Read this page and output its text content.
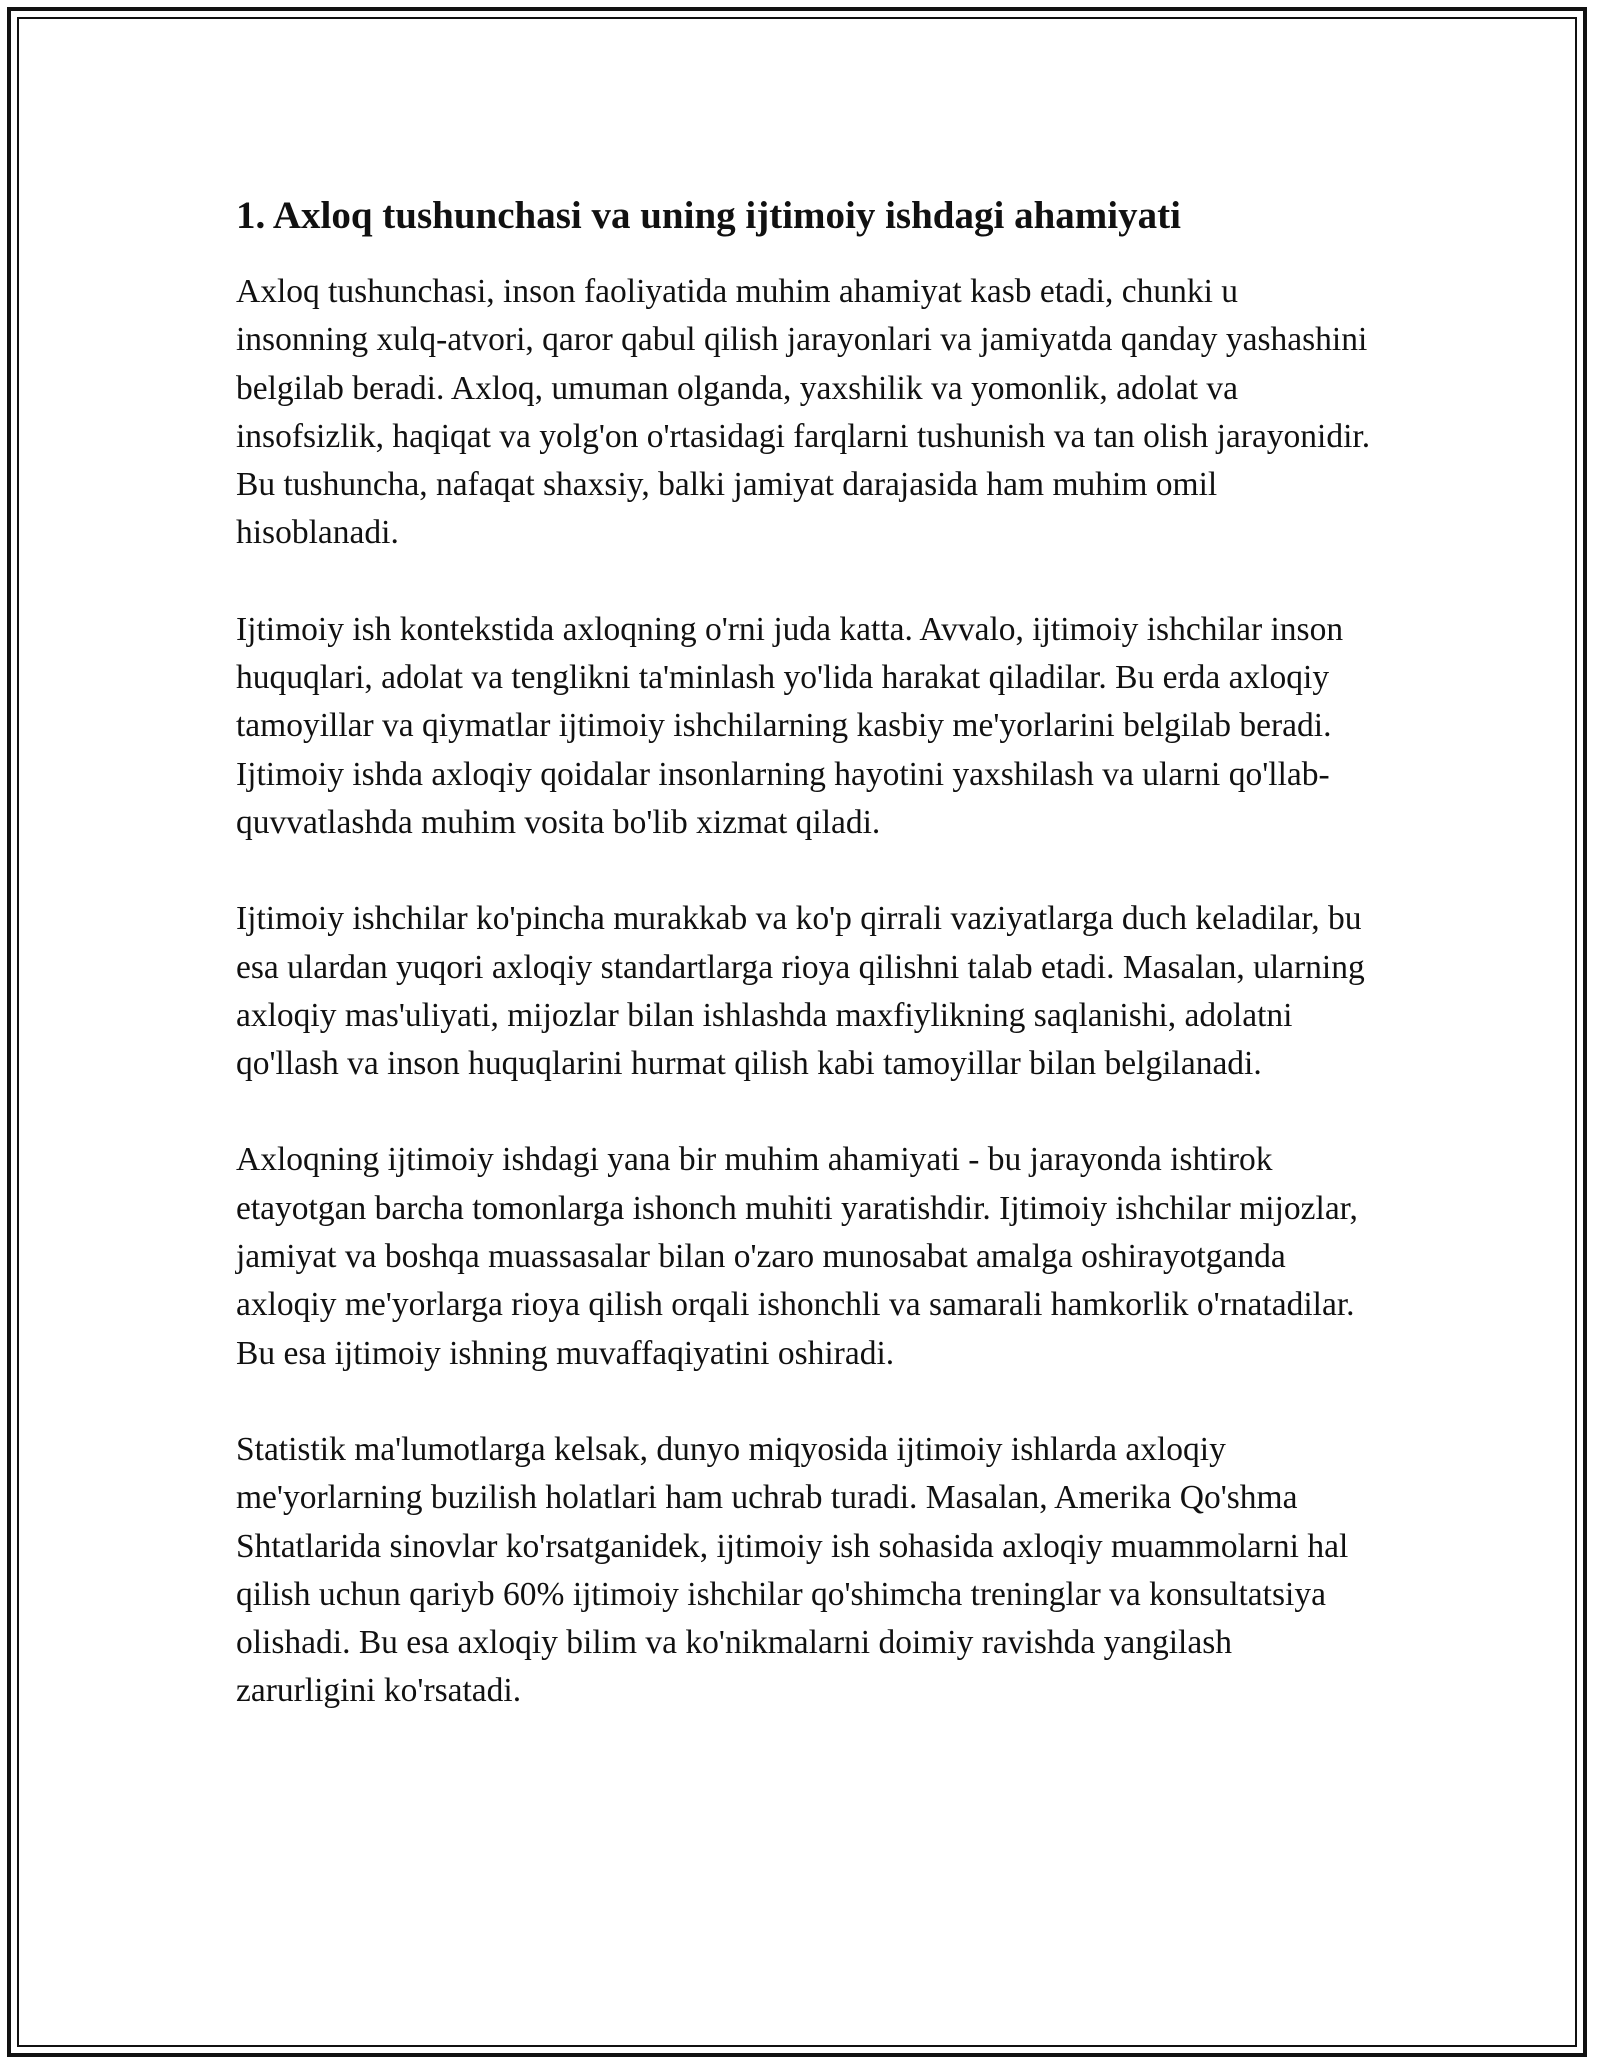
1. Axloq tushunchasi va uning ijtimoiy ishdagi ahamiyati

Axloq tushunchasi, inson faoliyatida muhim ahamiyat kasb etadi, chunki u insonning xulq-atvori, qaror qabul qilish jarayonlari va jamiyatda qanday yashashini belgilab beradi. Axloq, umuman olganda, yaxshilik va yomonlik, adolat va insofsizlik, haqiqat va yolg'on o'rtasidagi farqlarni tushunish va tan olish jarayonidir. Bu tushuncha, nafaqat shaxsiy, balki jamiyat darajasida ham muhim omil hisoblanadi.

Ijtimoiy ish kontekstida axloqning o'rni juda katta. Avvalo, ijtimoiy ishchilar inson huquqlari, adolat va tenglikni ta'minlash yo'lida harakat qiladilar. Bu erda axloqiy tamoyillar va qiymatlar ijtimoiy ishchilarning kasbiy me'yorlarini belgilab beradi. Ijtimoiy ishda axloqiy qoidalar insonlarning hayotini yaxshilash va ularni qo'llab-quvvatlashda muhim vosita bo'lib xizmat qiladi.

Ijtimoiy ishchilar ko'pincha murakkab va ko'p qirrali vaziyatlarga duch keladilar, bu esa ulardan yuqori axloqiy standartlarga rioya qilishni talab etadi. Masalan, ularning axloqiy mas'uliyati, mijozlar bilan ishlashda maxfiylikning saqlanishi, adolatni qo'llash va inson huquqlarini hurmat qilish kabi tamoyillar bilan belgilanadi.

Axloqning ijtimoiy ishdagi yana bir muhim ahamiyati - bu jarayonda ishtirok etayotgan barcha tomonlarga ishonch muhiti yaratishdir. Ijtimoiy ishchilar mijozlar, jamiyat va boshqa muassasalar bilan o'zaro munosabat amalga oshirayotganda axloqiy me'yorlarga rioya qilish orqali ishonchli va samarali hamkorlik o'rnatadilar. Bu esa ijtimoiy ishning muvaffaqiyatini oshiradi.

Statistik ma'lumotlarga kelsak, dunyo miqyosida ijtimoiy ishlarda axloqiy me'yorlarning buzilish holatlari ham uchrab turadi. Masalan, Amerika Qo'shma Shtatlarida sinovlar ko'rsatganidek, ijtimoiy ish sohasida axloqiy muammolarni hal qilish uchun qariyb 60% ijtimoiy ishchilar qo'shimcha treninglar va konsultatsiya olishadi. Bu esa axloqiy bilim va ko'nikmalarni doimiy ravishda yangilash zarurligini ko'rsatadi.
